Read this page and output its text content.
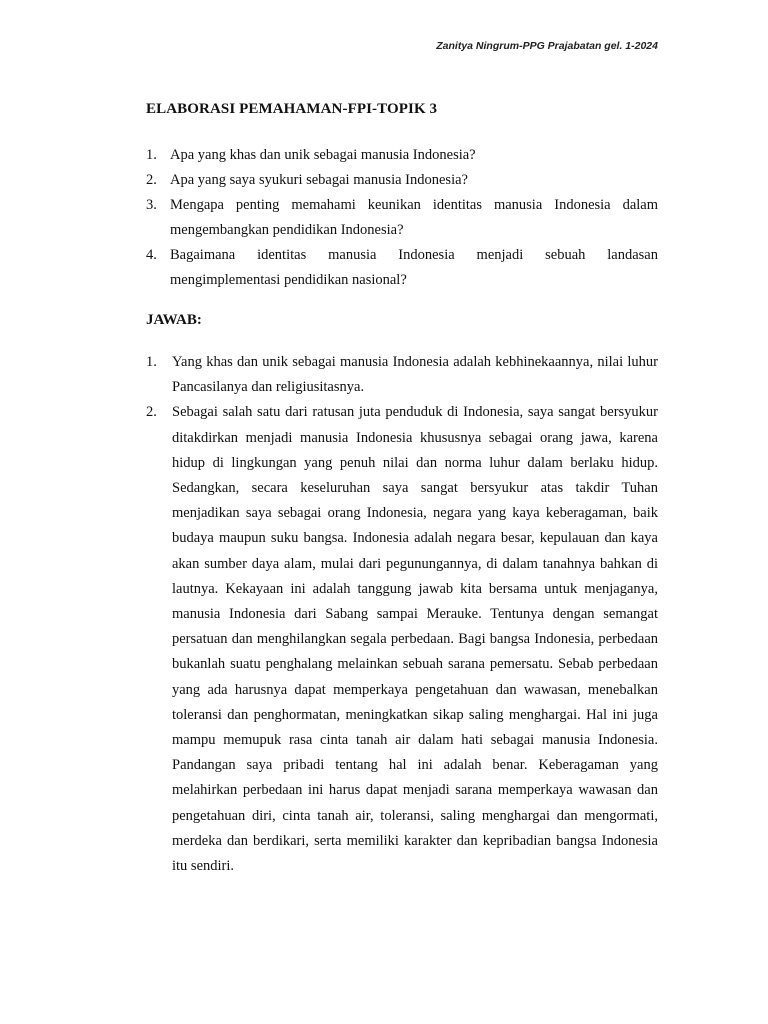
Zanitya Ningrum-PPG Prajabatan gel. 1-2024
ELABORASI PEMAHAMAN-FPI-TOPIK 3
1. Apa yang khas dan unik sebagai manusia Indonesia?
2. Apa yang saya syukuri sebagai manusia Indonesia?
3. Mengapa penting memahami keunikan identitas manusia Indonesia dalam mengembangkan pendidikan Indonesia?
4. Bagaimana identitas manusia Indonesia menjadi sebuah landasan mengimplementasi pendidikan nasional?
JAWAB:
1. Yang khas dan unik sebagai manusia Indonesia adalah kebhinekaannya, nilai luhur Pancasilanya dan religiusitasnya.
2. Sebagai salah satu dari ratusan juta penduduk di Indonesia, saya sangat bersyukur ditakdirkan menjadi manusia Indonesia khususnya sebagai orang jawa, karena hidup di lingkungan yang penuh nilai dan norma luhur dalam berlaku hidup. Sedangkan, secara keseluruhan saya sangat bersyukur atas takdir Tuhan menjadikan saya sebagai orang Indonesia, negara yang kaya keberagaman, baik budaya maupun suku bangsa. Indonesia adalah negara besar, kepulauan dan kaya akan sumber daya alam, mulai dari pegunungannya, di dalam tanahnya bahkan di lautnya. Kekayaan ini adalah tanggung jawab kita bersama untuk menjaganya, manusia Indonesia dari Sabang sampai Merauke. Tentunya dengan semangat persatuan dan menghilangkan segala perbedaan. Bagi bangsa Indonesia, perbedaan bukanlah suatu penghalang melainkan sebuah sarana pemersatu. Sebab perbedaan yang ada harusnya dapat memperkaya pengetahuan dan wawasan, menebalkan toleransi dan penghormatan, meningkatkan sikap saling menghargai. Hal ini juga mampu memupuk rasa cinta tanah air dalam hati sebagai manusia Indonesia. Pandangan saya pribadi tentang hal ini adalah benar. Keberagaman yang melahirkan perbedaan ini harus dapat menjadi sarana memperkaya wawasan dan pengetahuan diri, cinta tanah air, toleransi, saling menghargai dan mengormati, merdeka dan berdikari, serta memiliki karakter dan kepribadian bangsa Indonesia itu sendiri.
